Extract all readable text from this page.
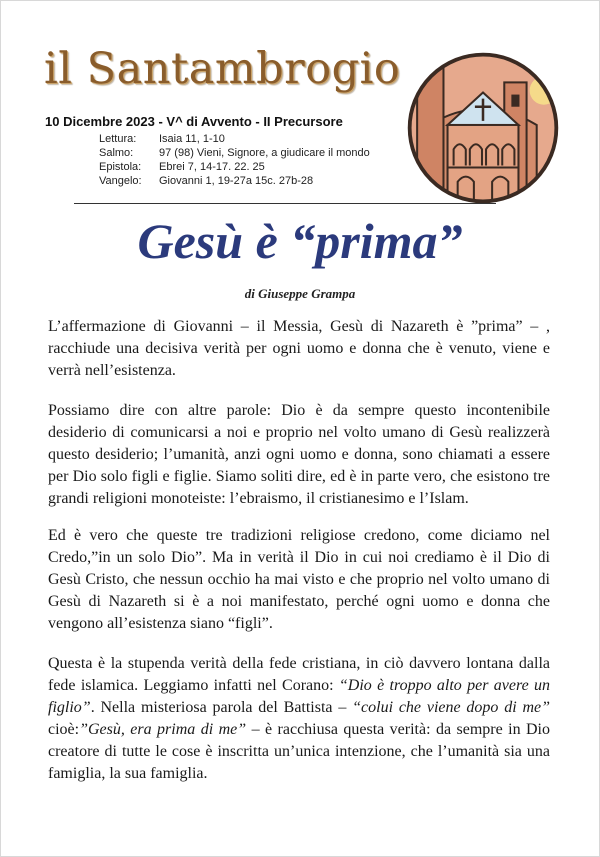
il Santambrogio
10 Dicembre 2023 - V^ di Avvento - II Precursore
Lettura:	Isaia 11, 1-10
Salmo:	97 (98) Vieni, Signore, a giudicare il mondo
Epistola:	Ebrei 7, 14-17. 22. 25
Vangelo:	Giovanni 1, 19-27a 15c. 27b-28
Gesù è “prima”
di Giuseppe Grampa

L’affermazione di Giovanni – il Messia, Gesù di Nazareth è ”prima” – , racchiude una decisiva verità per ogni uomo e donna che è venuto, viene e verrà nell’esistenza.

Possiamo dire con altre parole: Dio è da sempre questo incontenibile desiderio di comunicarsi a noi e proprio nel volto umano di Gesù realizzerà questo desiderio; l’umanità, anzi ogni uomo e donna, sono chiamati a essere per Dio solo figli e figlie. Siamo soliti dire, ed è in parte vero, che esistono tre grandi religioni monoteiste: l’ebraismo, il cristianesimo e l’Islam.

Ed è vero che queste tre tradizioni religiose credono, come diciamo nel Credo,”in un solo Dio”. Ma in verità il Dio in cui noi crediamo è il Dio di Gesù Cristo, che nessun occhio ha mai visto e che proprio nel volto umano di Gesù di Nazareth si è a noi manifestato, perché ogni uomo e donna che vengono all’esistenza siano “figli”.

Questa è la stupenda verità della fede cristiana, in ciò davvero lontana dalla fede islamica. Leggiamo infatti nel Corano: “Dio è troppo alto per avere un figlio”. Nella misteriosa parola del Battista – “colui che viene dopo di me” cioè:”Gesù, era prima di me” – è racchiusa questa verità: da sempre in Dio creatore di tutte le cose è inscritta un’unica intenzione, che l’umanità sia una famiglia, la sua famiglia.
